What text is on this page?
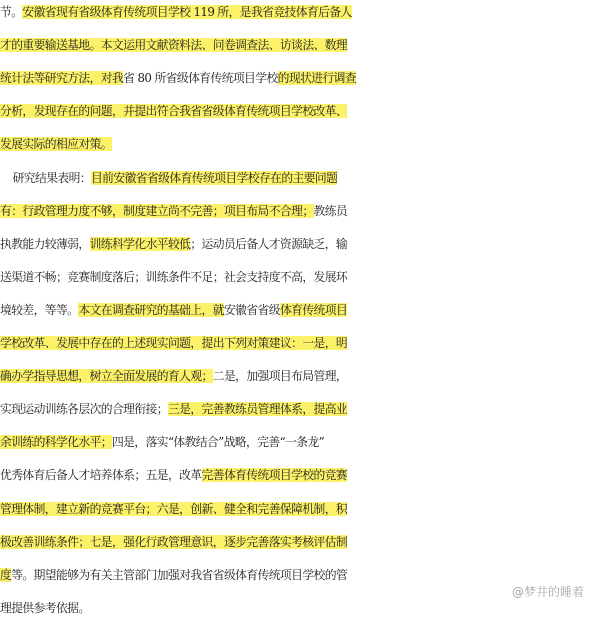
节。安徽省现有省级体育传统项目学校 119 所，是我省竞技体育后备人
才的重要输送基地。本文运用文献资料法、问卷调查法、访谈法、数理
统计法等研究方法，对我省 80 所省级体育传统项目学校的现状进行调查
分析，发现存在的问题，并提出符合我省省级体育传统项目学校改革、
发展实际的相应对策。
研究结果表明：目前安徽省省级体育传统项目学校存在的主要问题
有：行政管理力度不够，制度建立尚不完善；项目布局不合理；教练员
执教能力较薄弱，训练科学化水平较低；运动员后备人才资源缺乏，输
送渠道不畅；竞赛制度落后；训练条件不足；社会支持度不高，发展环
境较差，等等。本文在调查研究的基础上，就安徽省省级体育传统项目
学校改革、发展中存在的上述现实问题，提出下列对策建议：一是，明
确办学指导思想，树立全面发展的育人观；二是，加强项目布局管理，
实现运动训练各层次的合理衔接；三是，完善教练员管理体系，提高业
余训练的科学化水平；四是，落实“体教结合”战略，完善“一条龙”
优秀体育后备人才培养体系；五是，改革完善体育传统项目学校的竞赛
管理体制，建立新的竞赛平台；六是，创新、健全和完善保障机制，积
极改善训练条件；七是，强化行政管理意识，逐步完善落实考核评估制
度等。期望能够为有关主管部门加强对我省省级体育传统项目学校的管
理提供参考依据。	@梦井的睡着
